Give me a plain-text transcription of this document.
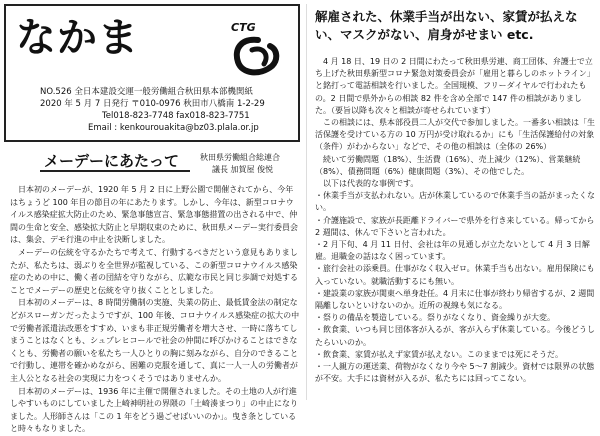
なかま	CTG
NO.526 全日本建設交運一般労働組合秋田県本部機関紙
2020 年 5 月 7 日発行 〒010-0976 秋田市八橋南 1-2-29
Tel018-823-7748 fax018-823-7751
Email : kenkourouakita@bz03.plala.or.jp
メーデーにあたって	秋田県労働組合総連合
議長 加賀屋 俊悦

日本初のメーデーが、1920 年 5 月 2 日に上野公園で開催されてから、今年はちょうど 100 年目の節目の年にあたります。しかし、今年は、新型コロナウイルス感染症拡大防止のため、緊急事態宣言、緊急事態措置の出される中で、仲間の生命と安全、感染拡大防止と早期収束のために、秋田県メーデー実行委員会は、集会、デモ行進の中止を決断しました。

メーデーの伝統を守るかたちで考えて、行動するべきだという意見もありましたが、私たちは、弱ぶりを全世界が監視している、この新型コロナウイルス感染症のための中に、働く者の団結を守りながら、広範な市民と同じ歩調で対処することでメーデーの歴史と伝統を守り抜くこととしました。

日本初のメーデーは、8 時間労働制の実施、失業の防止、最低賃金法の制定などがスローガンだったようですが、100 年後、コロナウイルス感染症の拡大の中で労働者派遣法改悪をすすめ、いまも非正規労働者を増大させ、一時に落ちてしまうことはなくとも、シュプレヒコールで社会の仲間に呼びかけることはできなくとも、労働者の願いを私たち一人ひとりの胸に刻みながら、自分のできることで行動し、連帯を確かめながら、困難の克服を通して、真に一人一人の労働者が主人公となる社会の実現に力をつくそうではありませんか。

日本初のメーデーは、1936 年に主催で開催されました。その土地の人が行進しやすいものにしていました上崎神明社の界隈の「土崎湊まつり」の中止になりました。人形師さんは「この 1 年をどう過ごせばいいのか」。曳き条としていると時々もなりました。

解雇された、休業手当が出ない、家賃が払えない、マスクがない、肩身がせまい etc.

4 月 18 日、19 日の 2 日間にわたって秋田県労連、商工団体、弁護士で立ち上げた秋田県新型コロナ緊急対策委員会が「雇用と暮らしのホットライン」と銘打って電話相談を行いました。全国規模、フリーダイヤルで行われたもの。2 日間で県外からの相談 82 件を含め全部で 147 件の相談がありました。（要旨以降も次々と相談が寄せられています）

この相談には、県本部役員二人が交代で参加しました。一番多い相談は「生活保護を受けている方の 10 万円が受け取れるか」にも「生活保護給付の対象（条件）がわからない」などで、その他の相談は（全体の 26%）

続いて労働問題（18%）、生活費（16%）、売上減少（12%）、営業継続（8%）、債務問題（6%）健康問題（3%）、その他でした。

以下は代表的な事例です。

・休業手当が支払われない。店が休業しているので休業手当の話がまったくない。

・介護施設で、家族が長距離ドライバーで県外を行き来している。帰ってから 2 週間は、休んで下さいと言われた。

・2 月下旬、4 月 11 日付、会社は年の見通しが立たないとして 4 月 3 日解雇。退職金の話はなく困っています。

・旅行会社の添乗員。仕事がなく収入ゼロ。休業手当も出ない。雇用保険にも入っていない。就職活動するにも無い。

・建設業の家族が関東へ単身赴任。4 月末に仕事が終わり帰省するが、2 週間隔離しないといけないのか。近所の視線も気になる。

・祭りの備品を製造している。祭りがなくなり、資金繰りが大変。

・飲食業、いつも同じ団体客が入るが、客が入らず休業している。今後どうしたらいいのか。

・飲食業、家賃が払えず家賃が払えない。このままでは死にそうだ。

・一人親方の運送業、荷物がなくなり今や 5〜7 割減少。資材では限界の状態が不安。大手には資材が入るが、私たちには回ってこない。
